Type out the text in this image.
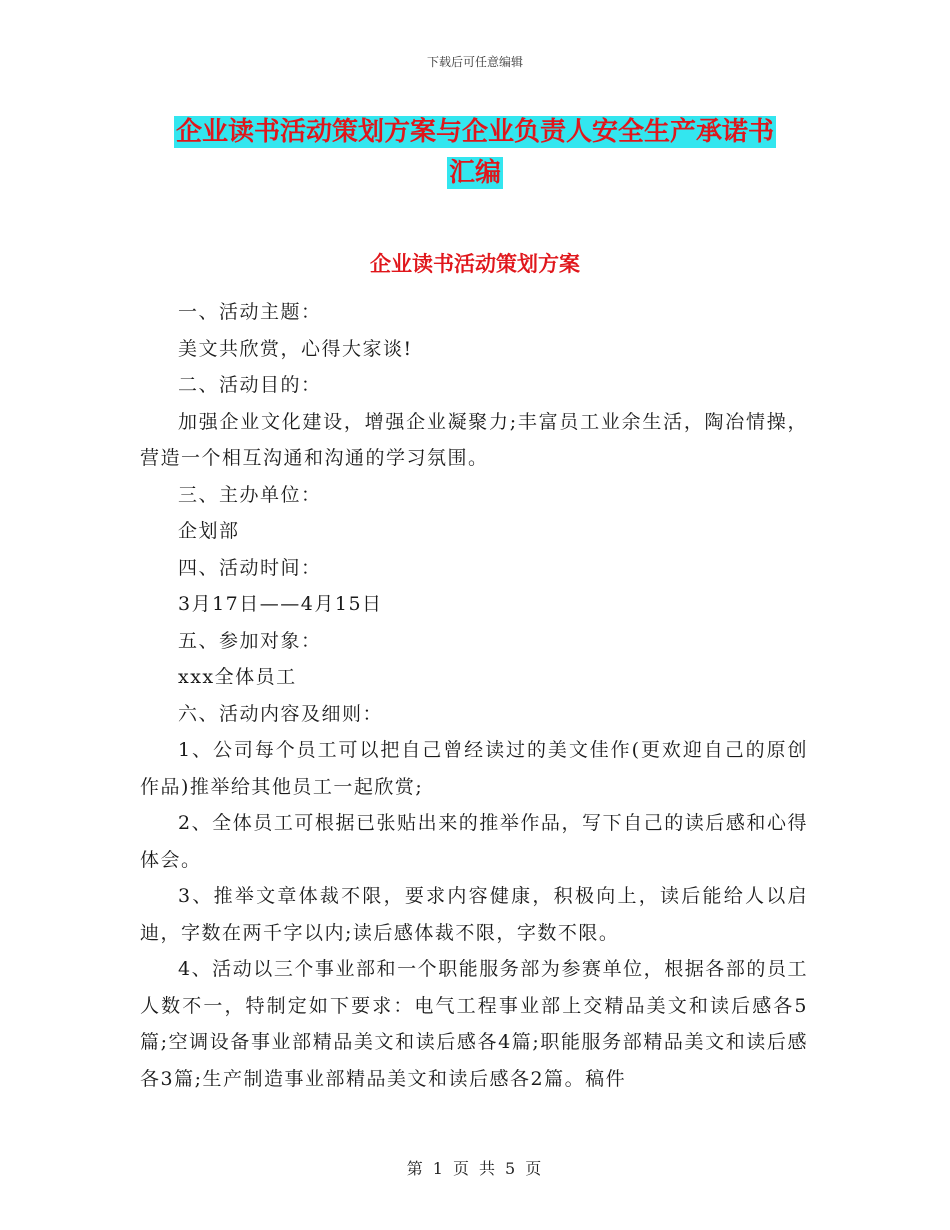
下载后可任意编辑
企业读书活动策划方案与企业负责人安全生产承诺书
汇编
企业读书活动策划方案

一、活动主题：

美文共欣赏，心得大家谈!

二、活动目的：

加强企业文化建设，增强企业凝聚力;丰富员工业余生活，陶冶情操，营造一个相互沟通和沟通的学习氛围。

三、主办单位：

企划部

四、活动时间：

3月17日——4月15日

五、参加对象：

xxx全体员工

六、活动内容及细则：

1、公司每个员工可以把自己曾经读过的美文佳作(更欢迎自己的原创作品)推举给其他员工一起欣赏;

2、全体员工可根据已张贴出来的推举作品，写下自己的读后感和心得体会。

3、推举文章体裁不限，要求内容健康，积极向上，读后能给人以启迪，字数在两千字以内;读后感体裁不限，字数不限。

4、活动以三个事业部和一个职能服务部为参赛单位，根据各部的员工人数不一，特制定如下要求：电气工程事业部上交精品美文和读后感各5篇;空调设备事业部精品美文和读后感各4篇;职能服务部精品美文和读后感各3篇;生产制造事业部精品美文和读后感各2篇。稿件

第 1 页 共 5 页
